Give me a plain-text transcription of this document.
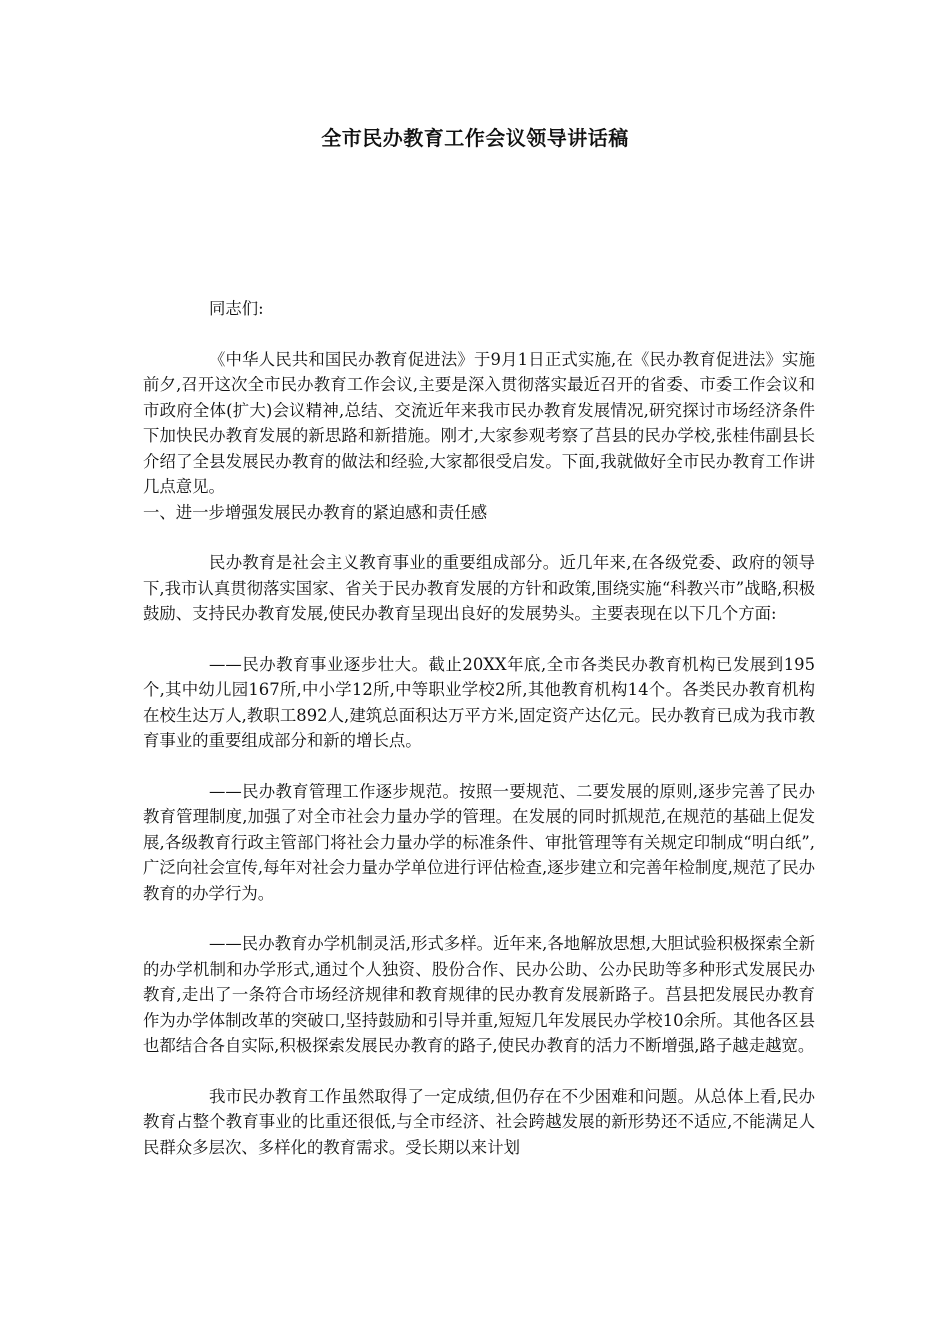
全市民办教育工作会议领导讲话稿

同志们:

《中华人民共和国民办教育促进法》于9月1日正式实施,在《民办教育促进法》实施前夕,召开这次全市民办教育工作会议,主要是深入贯彻落实最近召开的省委、市委工作会议和市政府全体(扩大)会议精神,总结、交流近年来我市民办教育发展情况,研究探讨市场经济条件下加快民办教育发展的新思路和新措施。刚才,大家参观考察了莒县的民办学校,张桂伟副县长介绍了全县发展民办教育的做法和经验,大家都很受启发。下面,我就做好全市民办教育工作讲几点意见。

一、进一步增强发展民办教育的紧迫感和责任感

民办教育是社会主义教育事业的重要组成部分。近几年来,在各级党委、政府的领导下,我市认真贯彻落实国家、省关于民办教育发展的方针和政策,围绕实施“科教兴市”战略,积极鼓励、支持民办教育发展,使民办教育呈现出良好的发展势头。主要表现在以下几个方面:

——民办教育事业逐步壮大。截止20XX年底,全市各类民办教育机构已发展到195个,其中幼儿园167所,中小学12所,中等职业学校2所,其他教育机构14个。各类民办教育机构在校生达万人,教职工892人,建筑总面积达万平方米,固定资产达亿元。民办教育已成为我市教育事业的重要组成部分和新的增长点。

——民办教育管理工作逐步规范。按照一要规范、二要发展的原则,逐步完善了民办教育管理制度,加强了对全市社会力量办学的管理。在发展的同时抓规范,在规范的基础上促发展,各级教育行政主管部门将社会力量办学的标准条件、审批管理等有关规定印制成“明白纸”,广泛向社会宣传,每年对社会力量办学单位进行评估检查,逐步建立和完善年检制度,规范了民办教育的办学行为。

——民办教育办学机制灵活,形式多样。近年来,各地解放思想,大胆试验积极探索全新的办学机制和办学形式,通过个人独资、股份合作、民办公助、公办民助等多种形式发展民办教育,走出了一条符合市场经济规律和教育规律的民办教育发展新路子。莒县把发展民办教育作为办学体制改革的突破口,坚持鼓励和引导并重,短短几年发展民办学校10余所。其他各区县也都结合各自实际,积极探索发展民办教育的路子,使民办教育的活力不断增强,路子越走越宽。

我市民办教育工作虽然取得了一定成绩,但仍存在不少困难和问题。从总体上看,民办教育占整个教育事业的比重还很低,与全市经济、社会跨越发展的新形势还不适应,不能满足人民群众多层次、多样化的教育需求。受长期以来计划
